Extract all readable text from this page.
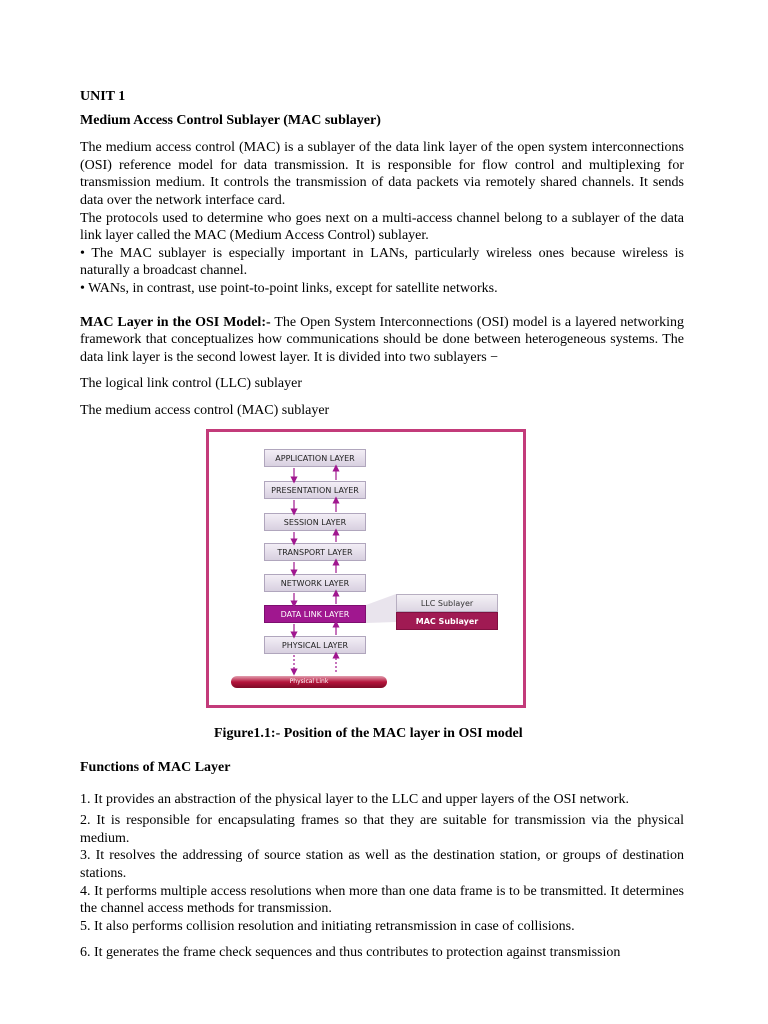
UNIT 1

Medium Access Control Sublayer (MAC sublayer)

The medium access control (MAC) is a sublayer of the data link layer of the open system interconnections (OSI) reference model for data transmission. It is responsible for flow control and multiplexing for transmission medium. It controls the transmission of data packets via remotely shared channels. It sends data over the network interface card.

The protocols used to determine who goes next on a multi-access channel belong to a sublayer of the data link layer called the MAC (Medium Access Control) sublayer.

• The MAC sublayer is especially important in LANs, particularly wireless ones because wireless is naturally a broadcast channel.

• WANs, in contrast, use point-to-point links, except for satellite networks.

MAC Layer in the OSI Model:- The Open System Interconnections (OSI) model is a layered networking framework that conceptualizes how communications should be done between heterogeneous systems. The data link layer is the second lowest layer. It is divided into two sublayers −

The logical link control (LLC) sublayer

The medium access control (MAC) sublayer

APPLICATION LAYER
PRESENTATION LAYER
SESSION LAYER
TRANSPORT LAYER
NETWORK LAYER
DATA LINK LAYER
PHYSICAL LAYER
LLC Sublayer
MAC Sublayer
Physical Link

Figure1.1:- Position of the MAC layer in OSI model

Functions of MAC Layer

1. It provides an abstraction of the physical layer to the LLC and upper layers of the OSI network.

2. It is responsible for encapsulating frames so that they are suitable for transmission via the physical medium.

3. It resolves the addressing of source station as well as the destination station, or groups of destination stations.

4. It performs multiple access resolutions when more than one data frame is to be transmitted. It determines the channel access methods for transmission.

5. It also performs collision resolution and initiating retransmission in case of collisions.

6. It generates the frame check sequences and thus contributes to protection against transmission
